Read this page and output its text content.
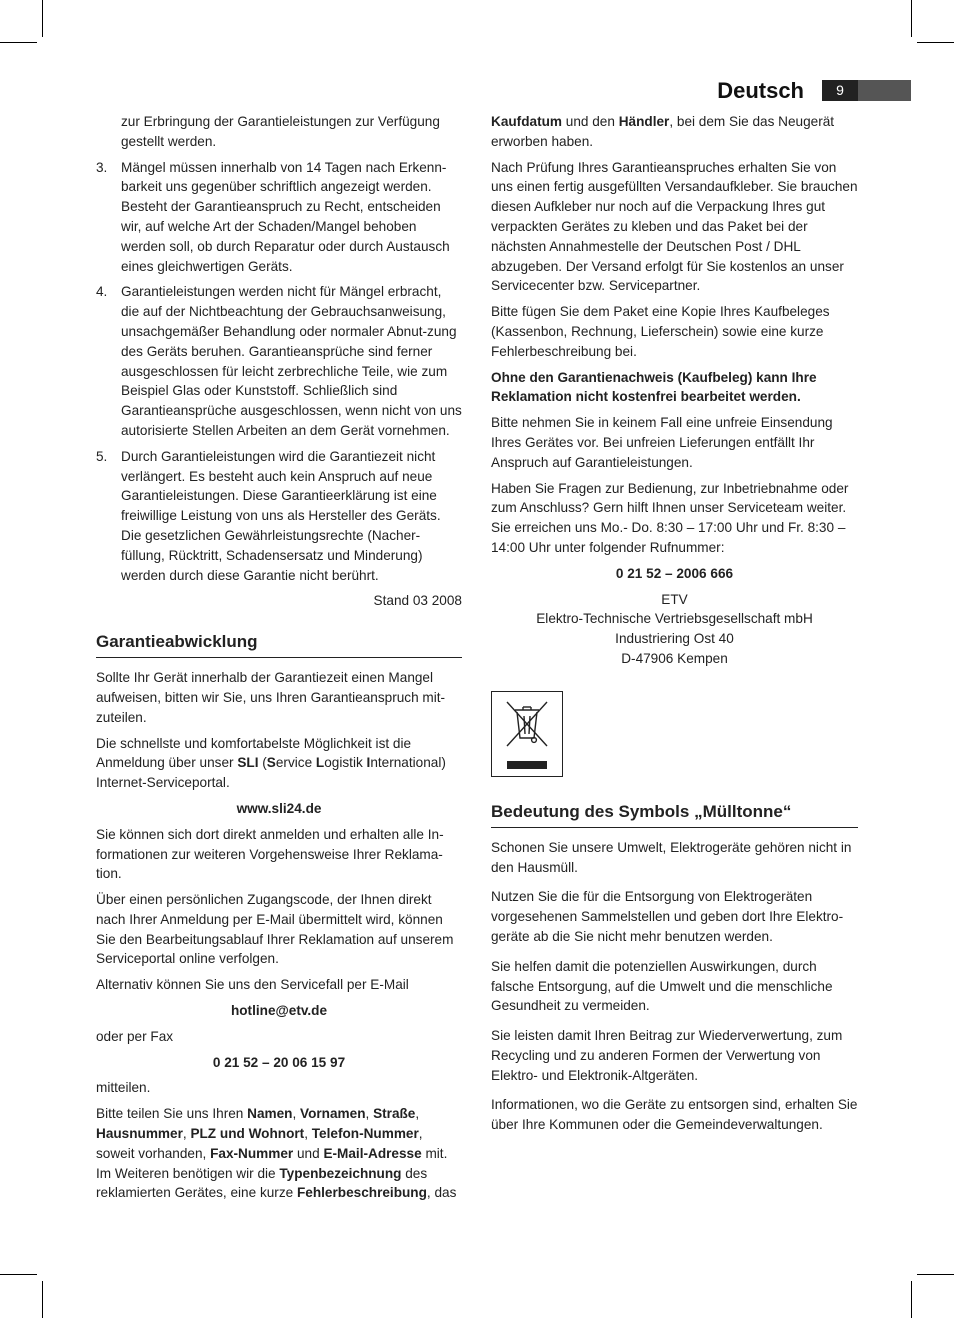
Deutsch	9

zur Erbringung der Garantieleistungen zur Verfügung gestellt werden.

3.	Mängel müssen innerhalb von 14 Tagen nach Erkenn-barkeit uns gegenüber schriftlich angezeigt werden. Besteht der Garantieanspruch zu Recht, entscheiden wir, auf welche Art der Schaden/Mangel behoben werden soll, ob durch Reparatur oder durch Austausch eines gleichwertigen Geräts.
4.	Garantieleistungen werden nicht für Mängel erbracht, die auf der Nichtbeachtung der Gebrauchsanweisung, unsachgemäßer Behandlung oder normaler Abnut-zung des Geräts beruhen. Garantieansprüche sind ferner ausgeschlossen für leicht zerbrechliche Teile, wie zum Beispiel Glas oder Kunststoff. Schließlich sind Garantieansprüche ausgeschlossen, wenn nicht von uns autorisierte Stellen Arbeiten an dem Gerät vornehmen.
5.	Durch Garantieleistungen wird die Garantiezeit nicht verlängert. Es besteht auch kein Anspruch auf neue Garantieleistungen. Diese Garantieerklärung ist eine freiwillige Leistung von uns als Hersteller des Geräts. Die gesetzlichen Gewährleistungsrechte (Nacher-füllung, Rücktritt, Schadensersatz und Minderung) werden durch diese Garantie nicht berührt.

Stand 03 2008

Garantieabwicklung

Sollte Ihr Gerät innerhalb der Garantiezeit einen Mangel aufweisen, bitten wir Sie, uns Ihren Garantieanspruch mit-zuteilen.

Die schnellste und komfortabelste Möglichkeit ist die Anmeldung über unser SLI (Service Logistik International) Internet-Serviceportal.

www.sli24.de

Sie können sich dort direkt anmelden und erhalten alle In-formationen zur weiteren Vorgehensweise Ihrer Reklama-tion.

Über einen persönlichen Zugangscode, der Ihnen direkt nach Ihrer Anmeldung per E-Mail übermittelt wird, können Sie den Bearbeitungsablauf Ihrer Reklamation auf unserem Serviceportal online verfolgen.

Alternativ können Sie uns den Servicefall per E-Mail

hotline@etv.de

oder per Fax

0 21 52 – 20 06 15 97

mitteilen.

Bitte teilen Sie uns Ihren Namen, Vornamen, Straße, Hausnummer, PLZ und Wohnort, Telefon-Nummer, soweit vorhanden, Fax-Nummer und E-Mail-Adresse mit. Im Weiteren benötigen wir die Typenbezeichnung des reklamierten Gerätes, eine kurze Fehlerbeschreibung, das

Kaufdatum und den Händler, bei dem Sie das Neugerät erworben haben.

Nach Prüfung Ihres Garantieanspruches erhalten Sie von uns einen fertig ausgefüllten Versandaufkleber. Sie brauchen diesen Aufkleber nur noch auf die Verpackung Ihres gut verpackten Gerätes zu kleben und das Paket bei der nächsten Annahmestelle der Deutschen Post / DHL abzugeben. Der Versand erfolgt für Sie kostenlos an unser Servicecenter bzw. Servicepartner.

Bitte fügen Sie dem Paket eine Kopie Ihres Kaufbeleges (Kassenbon, Rechnung, Lieferschein) sowie eine kurze Fehlerbeschreibung bei.

Ohne den Garantienachweis (Kaufbeleg) kann Ihre Reklamation nicht kostenfrei bearbeitet werden.

Bitte nehmen Sie in keinem Fall eine unfreie Einsendung Ihres Gerätes vor. Bei unfreien Lieferungen entfällt Ihr Anspruch auf Garantieleistungen.

Haben Sie Fragen zur Bedienung, zur Inbetriebnahme oder zum Anschluss? Gern hilft Ihnen unser Serviceteam weiter. Sie erreichen uns Mo.- Do. 8:30 – 17:00 Uhr und Fr. 8:30 – 14:00 Uhr unter folgender Rufnummer:

0 21 52 – 2006 666

ETV

Elektro-Technische Vertriebsgesellschaft mbH

Industriering Ost 40

D-47906 Kempen

Bedeutung des Symbols „Mülltonne“

Schonen Sie unsere Umwelt, Elektrogeräte gehören nicht in den Hausmüll.

Nutzen Sie die für die Entsorgung von Elektrogeräten vorgesehenen Sammelstellen und geben dort Ihre Elektro-geräte ab die Sie nicht mehr benutzen werden.

Sie helfen damit die potenziellen Auswirkungen, durch falsche Entsorgung, auf die Umwelt und die menschliche Gesundheit zu vermeiden.

Sie leisten damit Ihren Beitrag zur Wiederverwertung, zum Recycling und zu anderen Formen der Verwertung von Elektro- und Elektronik-Altgeräten.

Informationen, wo die Geräte zu entsorgen sind, erhalten Sie über Ihre Kommunen oder die Gemeindeverwaltungen.
